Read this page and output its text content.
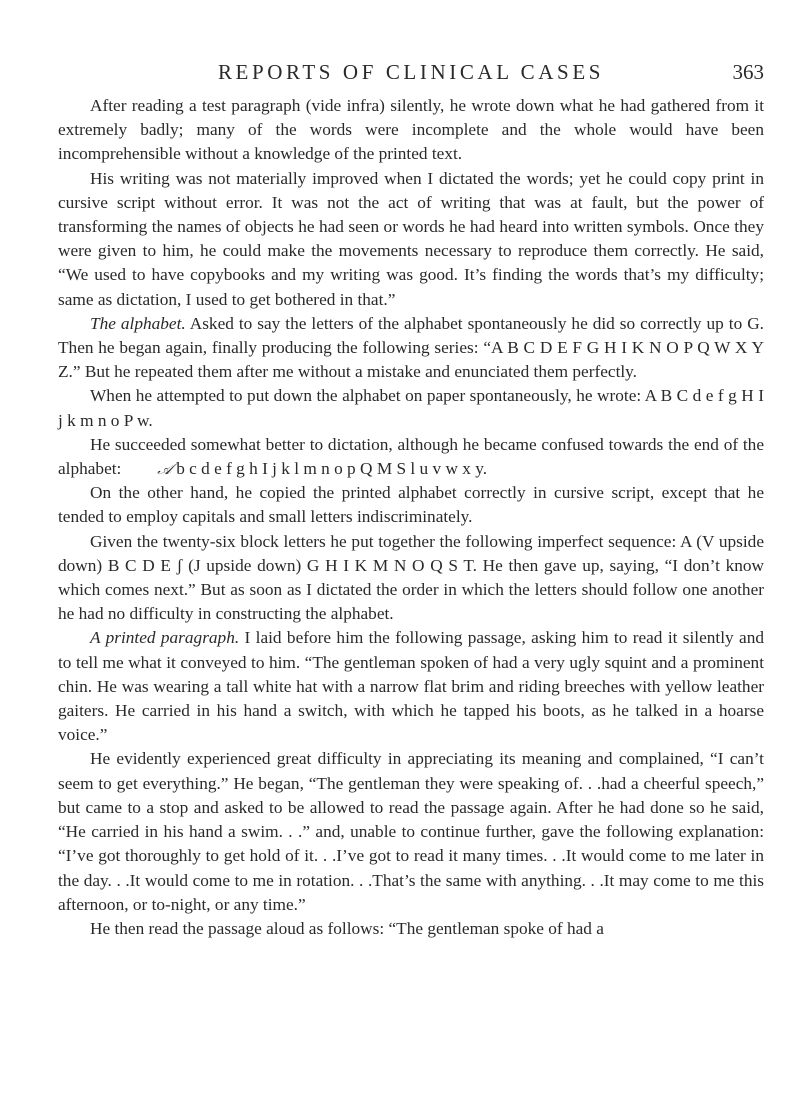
REPORTS OF CLINICAL CASES	363

After reading a test paragraph (vide infra) silently, he wrote down what he had gathered from it extremely badly; many of the words were incomplete and the whole would have been incomprehensible without a knowledge of the printed text.

His writing was not materially improved when I dictated the words; yet he could copy print in cursive script without error. It was not the act of writing that was at fault, but the power of transforming the names of objects he had seen or words he had heard into written symbols. Once they were given to him, he could make the movements necessary to reproduce them correctly. He said, “We used to have copybooks and my writing was good. It’s finding the words that’s my difficulty; same as dictation, I used to get bothered in that.”

The alphabet. Asked to say the letters of the alphabet spontaneously he did so correctly up to G. Then he began again, finally producing the following series: “A B C D E F G H I K N O P Q W X Y Z.” But he repeated them after me without a mistake and enunciated them perfectly.

When he attempted to put down the alphabet on paper spontaneously, he wrote: A B C d e f g H I j k m n o P w.

He succeeded somewhat better to dictation, although he became confused towards the end of the alphabet: 𝒜 b c d e f g h I j k l m n o p Q M S l u v w x y.

On the other hand, he copied the printed alphabet correctly in cursive script, except that he tended to employ capitals and small letters indiscriminately.

Given the twenty-six block letters he put together the following imperfect sequence: A (V upside down) B C D E ʃ (J upside down) G H I K M N O Q S T. He then gave up, saying, “I don’t know which comes next.” But as soon as I dictated the order in which the letters should follow one another he had no difficulty in constructing the alphabet.

A printed paragraph. I laid before him the following passage, asking him to read it silently and to tell me what it conveyed to him. “The gentleman spoken of had a very ugly squint and a prominent chin. He was wearing a tall white hat with a narrow flat brim and riding breeches with yellow leather gaiters. He carried in his hand a switch, with which he tapped his boots, as he talked in a hoarse voice.”

He evidently experienced great difficulty in appreciating its meaning and complained, “I can’t seem to get everything.” He began, “The gentleman they were speaking of. . .had a cheerful speech,” but came to a stop and asked to be allowed to read the passage again. After he had done so he said, “He carried in his hand a swim. . .” and, unable to continue further, gave the following explanation: “I’ve got thoroughly to get hold of it. . .I’ve got to read it many times. . .It would come to me later in the day. . .It would come to me in rotation. . .That’s the same with anything. . .It may come to me this afternoon, or to-night, or any time.”

He then read the passage aloud as follows: “The gentleman spoke of had a
